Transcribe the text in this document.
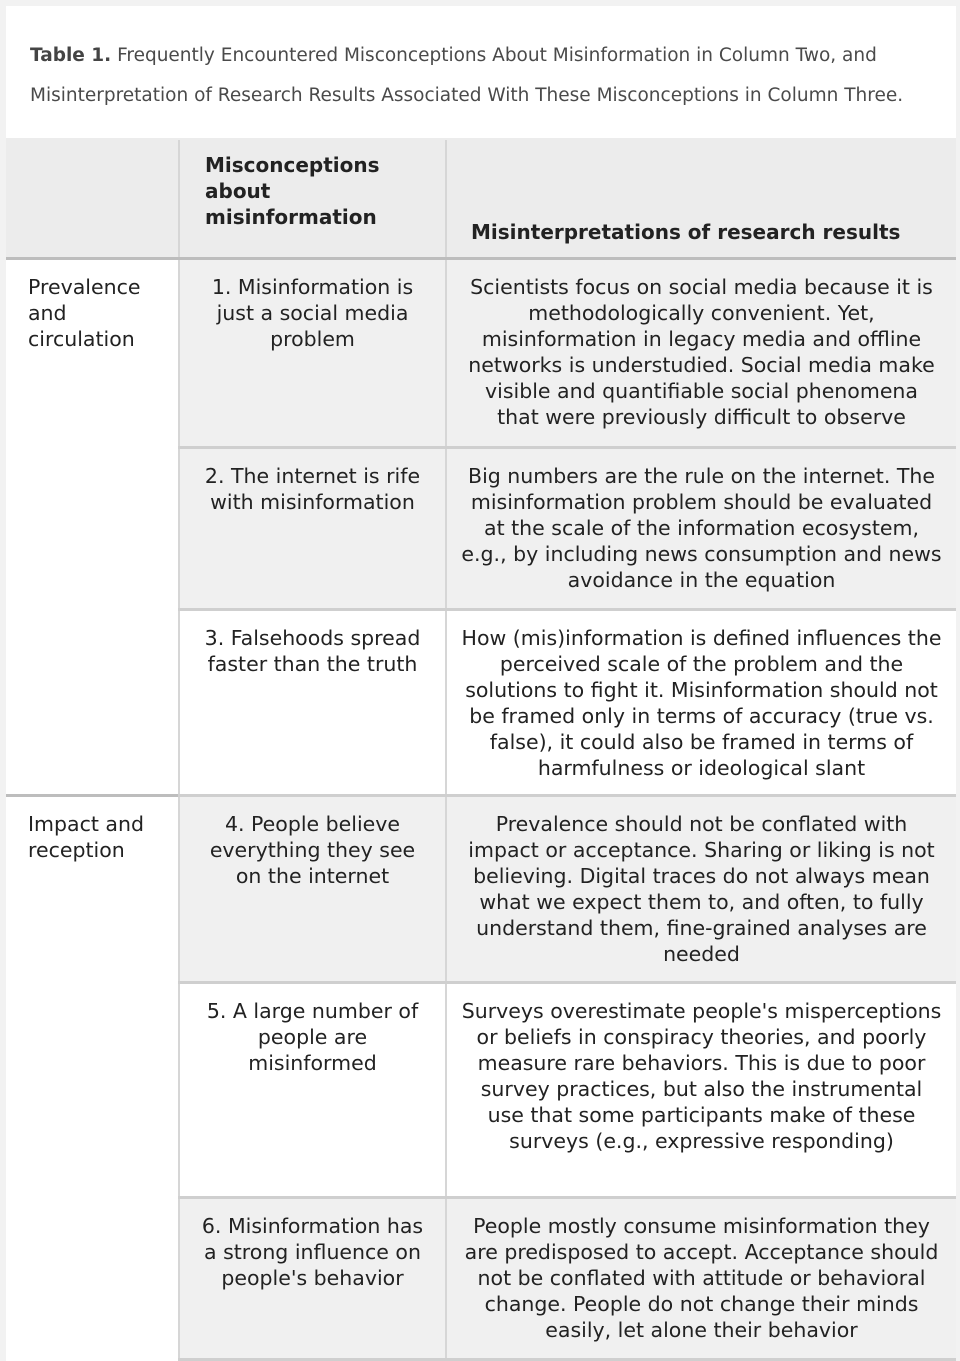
Table 1. Frequently Encountered Misconceptions About Misinformation in Column Two, and Misinterpretation of Research Results Associated With These Misconceptions in Column Three.
	Misconceptions about misinformation	Misinterpretations of research results
Prevalence and circulation	1. Misinformation is just a social media problem	Scientists focus on social media because it is methodologically convenient. Yet, misinformation in legacy media and offline networks is understudied. Social media make visible and quantifiable social phenomena that were previously difficult to observe
	2. The internet is rife with misinformation	Big numbers are the rule on the internet. The misinformation problem should be evaluated at the scale of the information ecosystem, e.g., by including news consumption and news avoidance in the equation
	3. Falsehoods spread faster than the truth	How (mis)information is defined influences the perceived scale of the problem and the solutions to fight it. Misinformation should not be framed only in terms of accuracy (true vs. false), it could also be framed in terms of harmfulness or ideological slant
Impact and reception	4. People believe everything they see on the internet	Prevalence should not be conflated with impact or acceptance. Sharing or liking is not believing. Digital traces do not always mean what we expect them to, and often, to fully understand them, fine-grained analyses are needed
	5. A large number of people are misinformed	Surveys overestimate people's misperceptions or beliefs in conspiracy theories, and poorly measure rare behaviors. This is due to poor survey practices, but also the instrumental use that some participants make of these surveys (e.g., expressive responding)
	6. Misinformation has a strong influence on people's behavior	People mostly consume misinformation they are predisposed to accept. Acceptance should not be conflated with attitude or behavioral change. People do not change their minds easily, let alone their behavior
